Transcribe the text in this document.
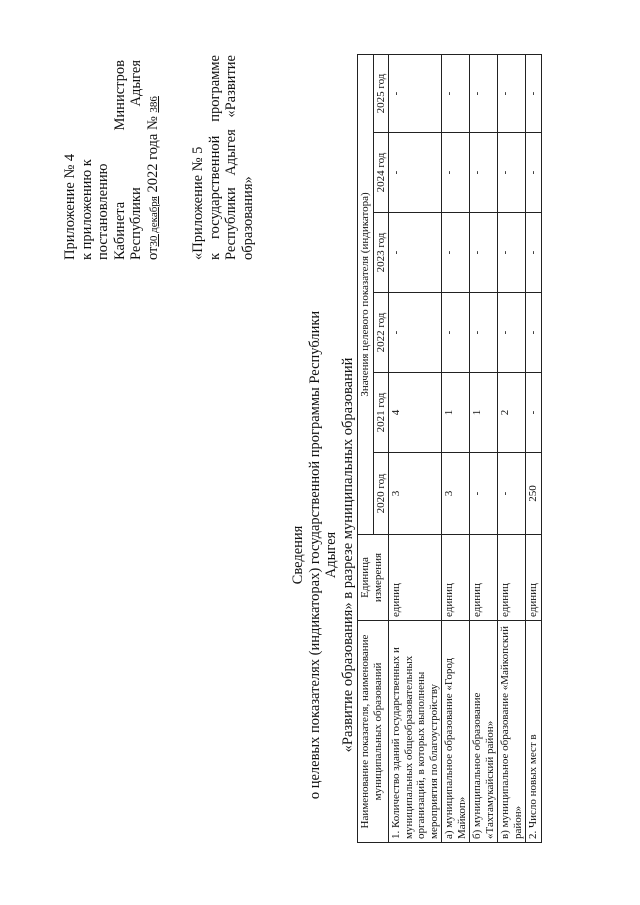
Приложение № 4 к приложению к постановлению Кабинета
Министров
Республики
Адыгея
от30 декабря 2022 года № 386
«Приложение № 5 к
государственной
программе
Республики
Адыгея
«Развитие
образования»
Сведения о целевых показателях (индикаторах) государственной программы Республики Адыгея «Развитие образования» в разрезе муниципальных образований Наименование показателя, наименование муниципальных образований	Единица измерения	Значения целевого показателя (индикатора)					
		2020 год	2021 год	2022 год	2023 год	2024 год	2025 год
1. Количество зданий государственных и муниципальных общеобразовательных организаций, в которых выполнены мероприятия по благоустройству	единиц	3	4	-	-	-	-
а) муниципальное образование «Город Майкоп»	единиц	3	1	-	-	-	-
б) муниципальное образование «Тахтамукайский район»	единиц	-	1	-	-	-	-
в) муниципальное образование «Майкопский район»	единиц	-	2	-	-	-	-
2. Число новых мест в	единиц	250	-	-	-	-	-
